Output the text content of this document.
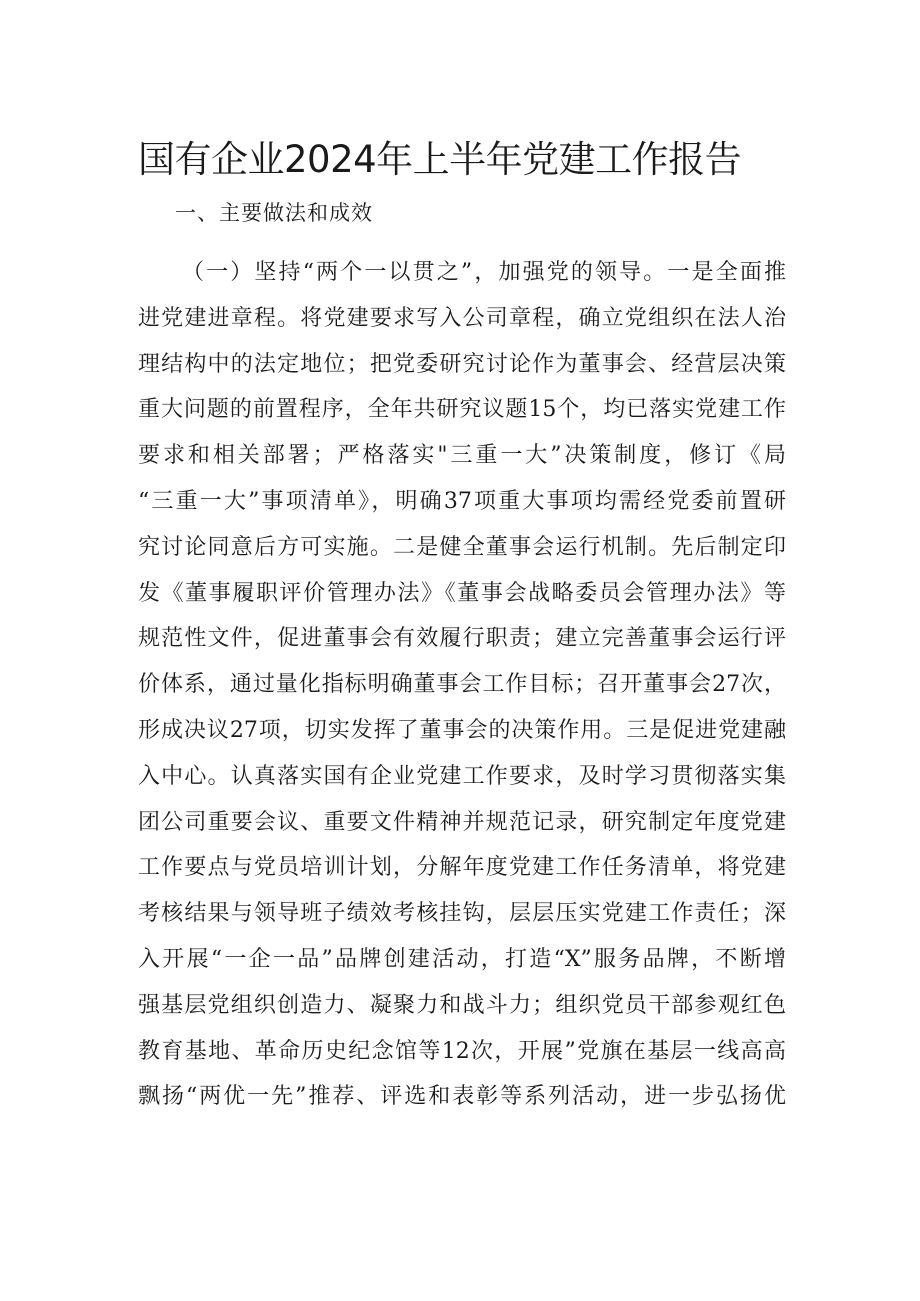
国有企业2024年上半年党建工作报告
一、主要做法和成效
（一）坚持“两个一以贯之”，加强党的领导。一是全面推
进党建进章程。将党建要求写入公司章程，确立党组织在法人治
理结构中的法定地位；把党委研究讨论作为董事会、经营层决策
重大问题的前置程序，全年共研究议题15个，均已落实党建工作
要求和相关部署；严格落实"三重一大”决策制度，修订《局
“三重一大”事项清单》，明确37项重大事项均需经党委前置研
究讨论同意后方可实施。二是健全董事会运行机制。先后制定印
发《董事履职评价管理办法》《董事会战略委员会管理办法》等
规范性文件，促进董事会有效履行职责；建立完善董事会运行评
价体系，通过量化指标明确董事会工作目标；召开董事会27次，
形成决议27项，切实发挥了董事会的决策作用。三是促进党建融
入中心。认真落实国有企业党建工作要求，及时学习贯彻落实集
团公司重要会议、重要文件精神并规范记录，研究制定年度党建
工作要点与党员培训计划，分解年度党建工作任务清单，将党建
考核结果与领导班子绩效考核挂钩，层层压实党建工作责任；深
入开展“一企一品”品牌创建活动，打造“X”服务品牌，不断增
强基层党组织创造力、凝聚力和战斗力；组织党员干部参观红色
教育基地、革命历史纪念馆等12次，开展”党旗在基层一线高高
飘扬“两优一先”推荐、评选和表彰等系列活动，进一步弘扬优
